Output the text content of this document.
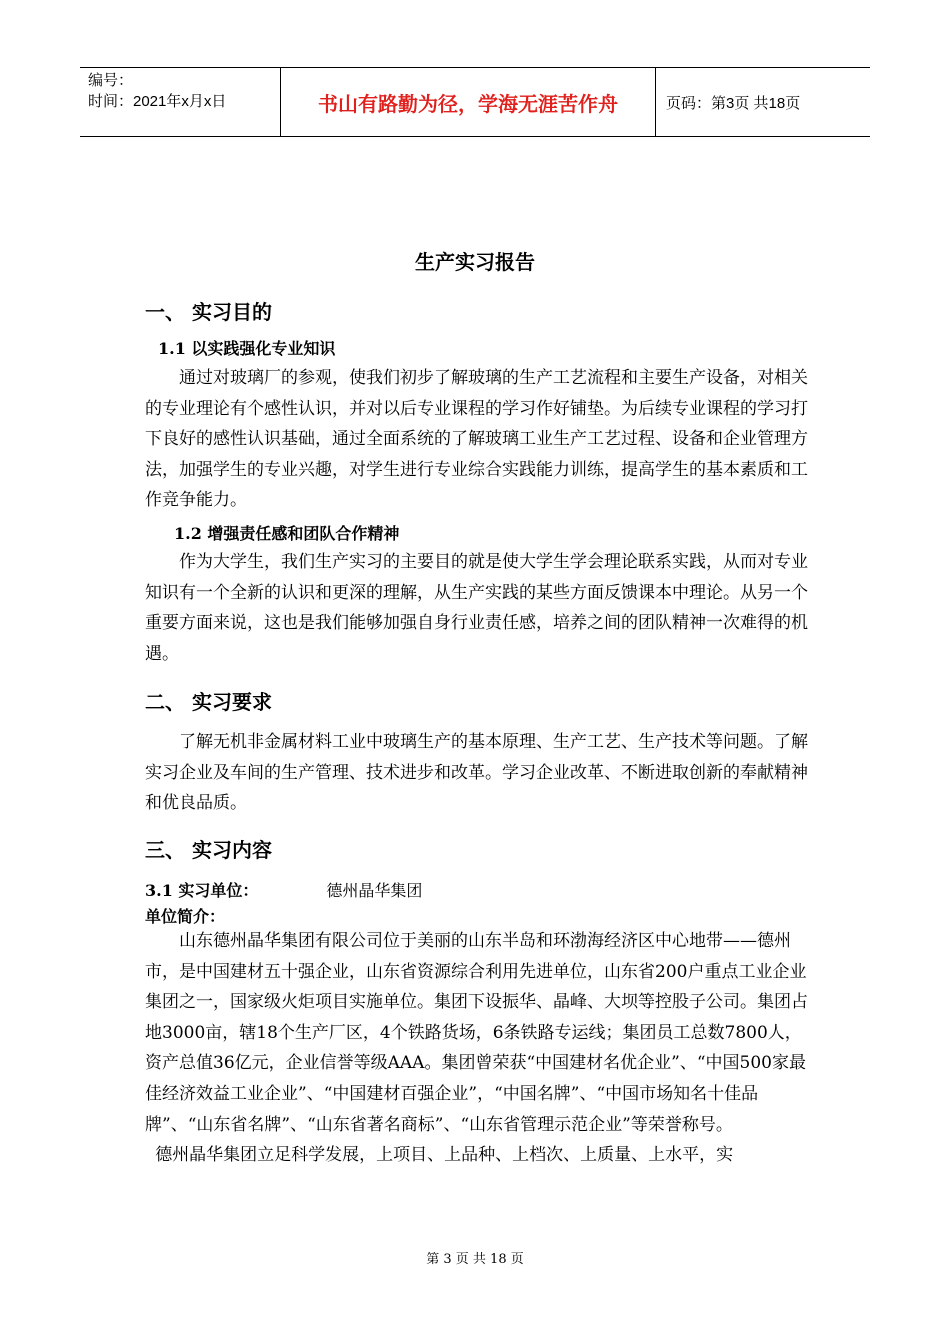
编号：
时间：2021年x月x日	书山有路勤为径，学海无涯苦作舟	页码：第3页 共18页
生产实习报告
一、 实习目的
1.1 以实践强化专业知识

通过对玻璃厂的参观，使我们初步了解玻璃的生产工艺流程和主要生产设备，对相关的专业理论有个感性认识，并对以后专业课程的学习作好铺垫。为后续专业课程的学习打下良好的感性认识基础，通过全面系统的了解玻璃工业生产工艺过程、设备和企业管理方法，加强学生的专业兴趣，对学生进行专业综合实践能力训练，提高学生的基本素质和工作竞争能力。

1.2 增强责任感和团队合作精神

作为大学生，我们生产实习的主要目的就是使大学生学会理论联系实践，从而对专业知识有一个全新的认识和更深的理解，从生产实践的某些方面反馈课本中理论。从另一个重要方面来说，这也是我们能够加强自身行业责任感，培养之间的团队精神一次难得的机遇。

二、 实习要求

了解无机非金属材料工业中玻璃生产的基本原理、生产工艺、生产技术等问题。了解实习企业及车间的生产管理、技术进步和改革。学习企业改革、不断进取创新的奉献精神和优良品质。

三、 实习内容
3.1 实习单位：	德州晶华集团
单位简介：

山东德州晶华集团有限公司位于美丽的山东半岛和环渤海经济区中心地带——德州市，是中国建材五十强企业，山东省资源综合利用先进单位，山东省200户重点工业企业集团之一，国家级火炬项目实施单位。集团下设振华、晶峰、大坝等控股子公司。集团占地3000亩，辖18个生产厂区，4个铁路货场，6条铁路专运线；集团员工总数7800人，资产总值36亿元，企业信誉等级AAA。集团曾荣获“中国建材名优企业”、“中国500家最佳经济效益工业企业”、“中国建材百强企业”，“中国名牌”、“中国市场知名十佳品牌”、“山东省名牌”、“山东省著名商标”、“山东省管理示范企业”等荣誉称号。

德州晶华集团立足科学发展，上项目、上品种、上档次、上质量、上水平，实

第 3 页 共 18 页
